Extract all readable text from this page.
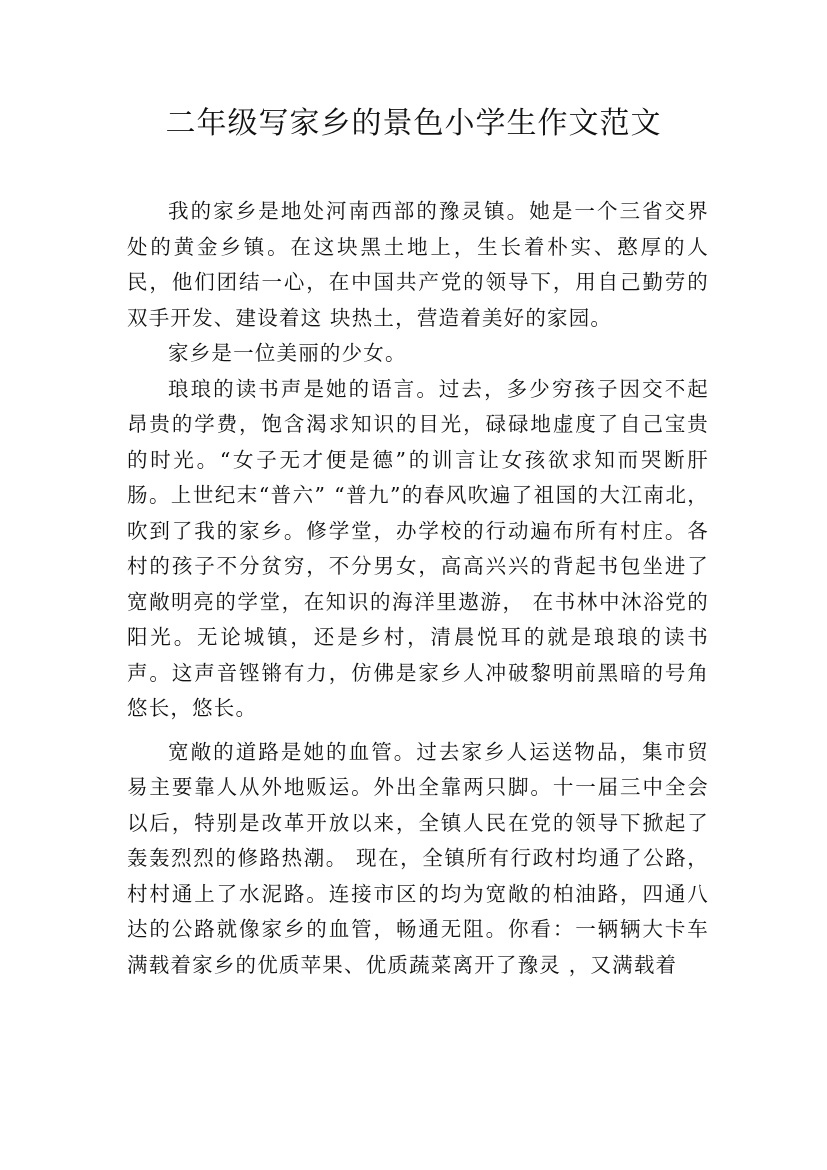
二年级写家乡的景色小学生作文范文

我的家乡是地处河南西部的豫灵镇。她是一个三省交界处的黄金乡镇。在这块黑土地上，生长着朴实、憨厚的人民，他们团结一心，在中国共产党的领导下，用自己勤劳的双手开发、建设着这 块热土，营造着美好的家园。

家乡是一位美丽的少女。

琅琅的读书声是她的语言。过去，多少穷孩子因交不起昂贵的学费，饱含渴求知识的目光，碌碌地虚度了自己宝贵的时光。“女子无才便是德”的训言让女孩欲求知而哭断肝肠。上世纪末“普六” “普九”的春风吹遍了祖国的大江南北，吹到了我的家乡。修学堂，办学校的行动遍布所有村庄。各村的孩子不分贫穷，不分男女，高高兴兴的背起书包坐进了宽敞明亮的学堂，在知识的海洋里遨游， 在书林中沐浴党的阳光。无论城镇，还是乡村，清晨悦耳的就是琅琅的读书声。这声音铿锵有力，仿佛是家乡人冲破黎明前黑暗的号角悠长，悠长。

宽敞的道路是她的血管。过去家乡人运送物品，集市贸易主要靠人从外地贩运。外出全靠两只脚。十一届三中全会以后，特别是改革开放以来，全镇人民在党的领导下掀起了轰轰烈烈的修路热潮。 现在，全镇所有行政村均通了公路，村村通上了水泥路。连接市区的均为宽敞的柏油路，四通八达的公路就像家乡的血管，畅通无阻。你看：一辆辆大卡车满载着家乡的优质苹果、优质蔬菜离开了豫灵 ，又满载着
